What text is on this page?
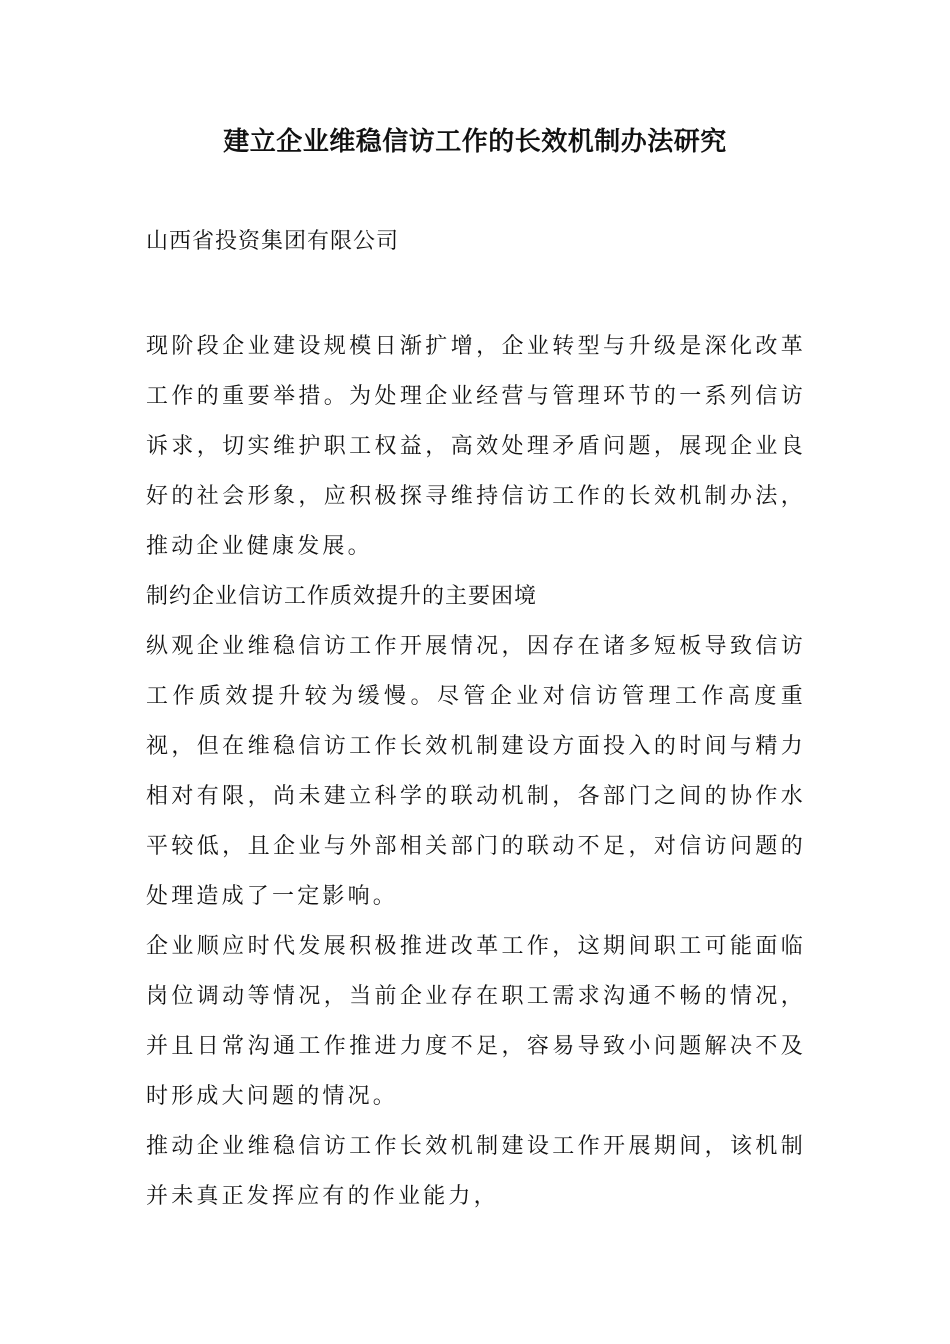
建立企业维稳信访工作的长效机制办法研究
山西省投资集团有限公司

现阶段企业建设规模日渐扩增，企业转型与升级是深化改革工作的重要举措。为处理企业经营与管理环节的一系列信访诉求，切实维护职工权益，高效处理矛盾问题，展现企业良好的社会形象，应积极探寻维持信访工作的长效机制办法，推动企业健康发展。

制约企业信访工作质效提升的主要困境

纵观企业维稳信访工作开展情况，因存在诸多短板导致信访工作质效提升较为缓慢。尽管企业对信访管理工作高度重视，但在维稳信访工作长效机制建设方面投入的时间与精力相对有限，尚未建立科学的联动机制，各部门之间的协作水平较低，且企业与外部相关部门的联动不足，对信访问题的处理造成了一定影响。

企业顺应时代发展积极推进改革工作，这期间职工可能面临岗位调动等情况，当前企业存在职工需求沟通不畅的情况，并且日常沟通工作推进力度不足，容易导致小问题解决不及时形成大问题的情况。

推动企业维稳信访工作长效机制建设工作开展期间，该机制并未真正发挥应有的作业能力，
